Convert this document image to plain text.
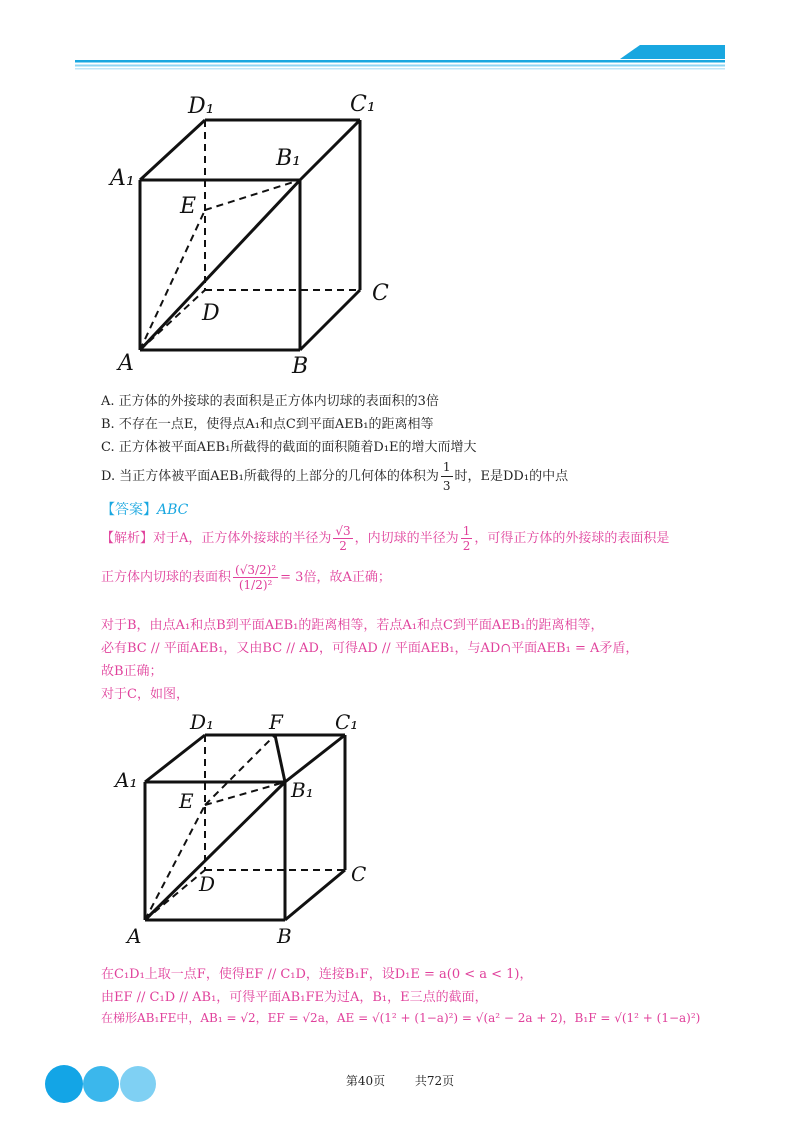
D₁	C₁
A₁
B₁
E
D
C
A	B
A. 正方体的外接球的表面积是正方体内切球的表面积的3倍
B. 不存在一点E，使得点A₁和点C到平面AEB₁的距离相等
C. 正方体被平面AEB₁所截得的截面的面积随着D₁E的增大而增大
D. 当正方体被平面AEB₁所截得的上部分的几何体的体积为 $\frac{1}{3}$ 时，E是DD₁的中点
【答案】ABC
【解析】对于A，正方体外接球的半径为 $\frac{√3}{2}$ ，内切球的半径为 $\frac{1}{2}$ ，可得正方体的外接球的表面积是
正方体内切球的表面积 $\frac{\text{(√3/2)²}}{\text{(1/2)²}} = 3$倍，故A正确；
对于B，由点A₁和点B到平面AEB₁的距离相等，若点A₁和点C到平面AEB₁的距离相等，
必有BC // 平面AEB₁，又由BC // AD，可得AD // 平面AEB₁，与AD∩平面AEB₁ = A矛盾，
故B正确；
对于C，如图，
D₁	F	C₁
A₁
E	B₁
D	C
A	B
在C₁D₁上取一点F，使得EF // C₁D，连接B₁F，设D₁E = a(0 < a < 1)，
由EF // C₁D // AB₁，可得平面AB₁FE为过A，B₁，E三点的截面，
在梯形AB₁FE中，AB₁ = √2，EF = √2a，AE = √(1² + (1−a)²) = √(a² − 2a + 2)，B₁F = √(1² + (1−a)²)
第40页 共72页
